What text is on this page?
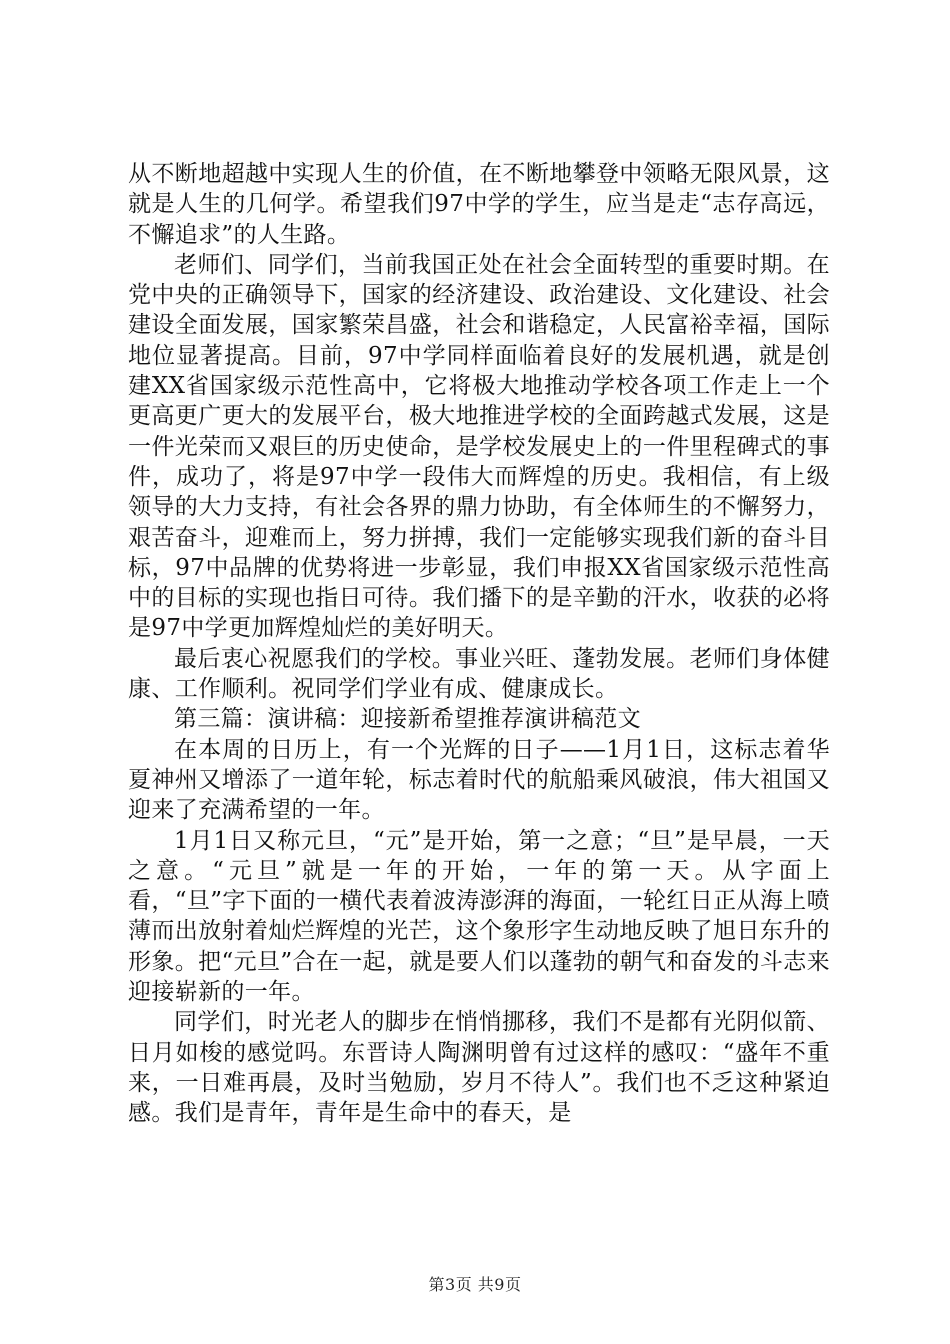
从不断地超越中实现人生的价值，在不断地攀登中领略无限风景，这就是人生的几何学。希望我们97中学的学生，应当是走“志存高远，不懈追求”的人生路。

老师们、同学们，当前我国正处在社会全面转型的重要时期。在党中央的正确领导下，国家的经济建设、政治建设、文化建设、社会建设全面发展，国家繁荣昌盛，社会和谐稳定，人民富裕幸福，国际地位显著提高。目前，97中学同样面临着良好的发展机遇，就是创建XX省国家级示范性高中，它将极大地推动学校各项工作走上一个更高更广更大的发展平台，极大地推进学校的全面跨越式发展，这是一件光荣而又艰巨的历史使命，是学校发展史上的一件里程碑式的事件，成功了，将是97中学一段伟大而辉煌的历史。我相信，有上级领导的大力支持，有社会各界的鼎力协助，有全体师生的不懈努力，艰苦奋斗，迎难而上，努力拼搏，我们一定能够实现我们新的奋斗目标，97中品牌的优势将进一步彰显，我们申报XX省国家级示范性高中的目标的实现也指日可待。我们播下的是辛勤的汗水，收获的必将是97中学更加辉煌灿烂的美好明天。

最后衷心祝愿我们的学校。事业兴旺、蓬勃发展。老师们身体健康、工作顺利。祝同学们学业有成、健康成长。

第三篇：演讲稿：迎接新希望推荐演讲稿范文

在本周的日历上，有一个光辉的日子——1月1日，这标志着华夏神州又增添了一道年轮，标志着时代的航船乘风破浪，伟大祖国又迎来了充满希望的一年。

1月1日又称元旦，“元”是开始，第一之意；“旦”是早晨，一天之意。“元旦”就是一年的开始，一年的第一天。从字面上看，“旦”字下面的一横代表着波涛澎湃的海面，一轮红日正从海上喷薄而出放射着灿烂辉煌的光芒，这个象形字生动地反映了旭日东升的形象。把“元旦”合在一起，就是要人们以蓬勃的朝气和奋发的斗志来迎接崭新的一年。

同学们，时光老人的脚步在悄悄挪移，我们不是都有光阴似箭、日月如梭的感觉吗。东晋诗人陶渊明曾有过这样的感叹：“盛年不重来，一日难再晨，及时当勉励，岁月不待人”。我们也不乏这种紧迫感。我们是青年，青年是生命中的春天，是

第3页 共9页
